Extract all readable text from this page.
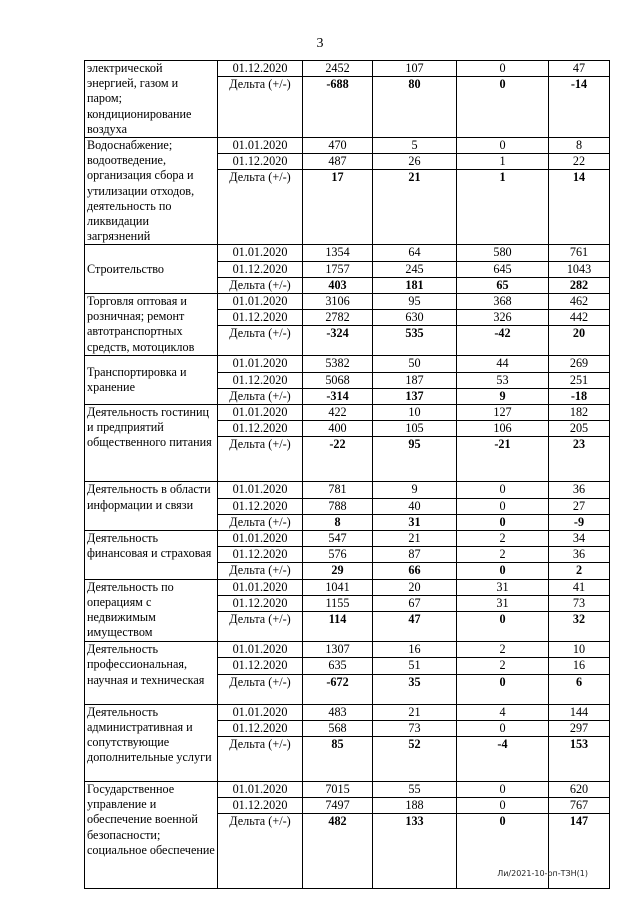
3
электрической энергией, газом и паром; кондиционирование воздуха	01.12.2020	2452	107	0	47
	Дельта (+/-)	-688	80	0	-14
Водоснабжение; водоотведение, организация сбора и утилизации отходов, деятельность по ликвидации загрязнений	01.01.2020	470	5	0	8
	01.12.2020	487	26	1	22
	Дельта (+/-)	17	21	1	14
Строительство	01.01.2020	1354	64	580	761
	01.12.2020	1757	245	645	1043
	Дельта (+/-)	403	181	65	282
Торговля оптовая и розничная; ремонт автотранспортных средств, мотоциклов	01.01.2020	3106	95	368	462
	01.12.2020	2782	630	326	442
	Дельта (+/-)	-324	535	-42	20
Транспортировка и хранение	01.01.2020	5382	50	44	269
	01.12.2020	5068	187	53	251
	Дельта (+/-)	-314	137	9	-18
Деятельность гостиниц и предприятий общественного питания	01.01.2020	422	10	127	182
	01.12.2020	400	105	106	205
	Дельта (+/-)	-22	95	-21	23
Деятельность в области информации и связи	01.01.2020	781	9	0	36
	01.12.2020	788	40	0	27
	Дельта (+/-)	8	31	0	-9
Деятельность финансовая и страховая	01.01.2020	547	21	2	34
	01.12.2020	576	87	2	36
	Дельта (+/-)	29	66	0	2
Деятельность по операциям с недвижимым имуществом	01.01.2020	1041	20	31	41
	01.12.2020	1155	67	31	73
	Дельта (+/-)	114	47	0	32
Деятельность профессиональная, научная и техническая	01.01.2020	1307	16	2	10
	01.12.2020	635	51	2	16
	Дельта (+/-)	-672	35	0	6
Деятельность административная и сопутствующие дополнительные услуги	01.01.2020	483	21	4	144
	01.12.2020	568	73	0	297
	Дельта (+/-)	85	52	-4	153
Государственное управление и обеспечение военной безопасности; социальное обеспечение	01.01.2020	7015	55	0	620
	01.12.2020	7497	188	0	767
	Дельта (+/-)	482	133	0	147
Ли/2021-10-рп-ТЗН(1)
